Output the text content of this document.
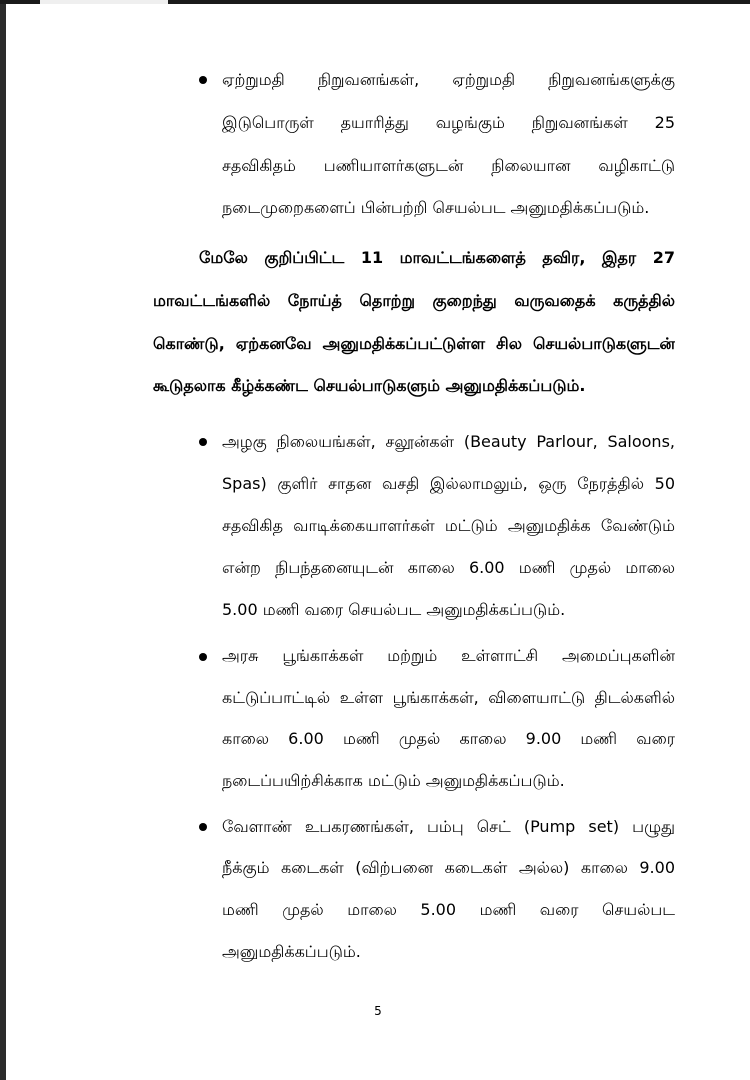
ஏற்றுமதி நிறுவனங்கள், ஏற்றுமதி நிறுவனங்களுக்கு
இடுபொருள் தயாரித்து வழங்கும் நிறுவனங்கள் 25
சதவிகிதம் பணியாளர்களுடன் நிலையான வழிகாட்டு
நடைமுறைகளைப் பின்பற்றி செயல்பட அனுமதிக்கப்படும்.
மேலே குறிப்பிட்ட 11 மாவட்டங்களைத் தவிர, இதர 27
மாவட்டங்களில் நோய்த் தொற்று குறைந்து வருவதைக் கருத்தில்
கொண்டு, ஏற்கனவே அனுமதிக்கப்பட்டுள்ள சில செயல்பாடுகளுடன்
கூடுதலாக கீழ்க்கண்ட செயல்பாடுகளும் அனுமதிக்கப்படும்.
அழகு நிலையங்கள், சலூன்கள் (Beauty Parlour, Saloons,
Spas) குளிர் சாதன வசதி இல்லாமலும், ஒரு நேரத்தில் 50
சதவிகித வாடிக்கையாளர்கள் மட்டும் அனுமதிக்க வேண்டும்
என்ற நிபந்தனையுடன் காலை 6.00 மணி முதல் மாலை
5.00 மணி வரை செயல்பட அனுமதிக்கப்படும்.
அரசு பூங்காக்கள் மற்றும் உள்ளாட்சி அமைப்புகளின்
கட்டுப்பாட்டில் உள்ள பூங்காக்கள், விளையாட்டு திடல்களில்
காலை 6.00 மணி முதல் காலை 9.00 மணி வரை
நடைப்பயிற்சிக்காக மட்டும் அனுமதிக்கப்படும்.
வேளாண் உபகரணங்கள், பம்பு செட் (Pump set) பழுது
நீக்கும் கடைகள் (விற்பனை கடைகள் அல்ல) காலை 9.00
மணி முதல் மாலை 5.00 மணி வரை செயல்பட
அனுமதிக்கப்படும்.
5
